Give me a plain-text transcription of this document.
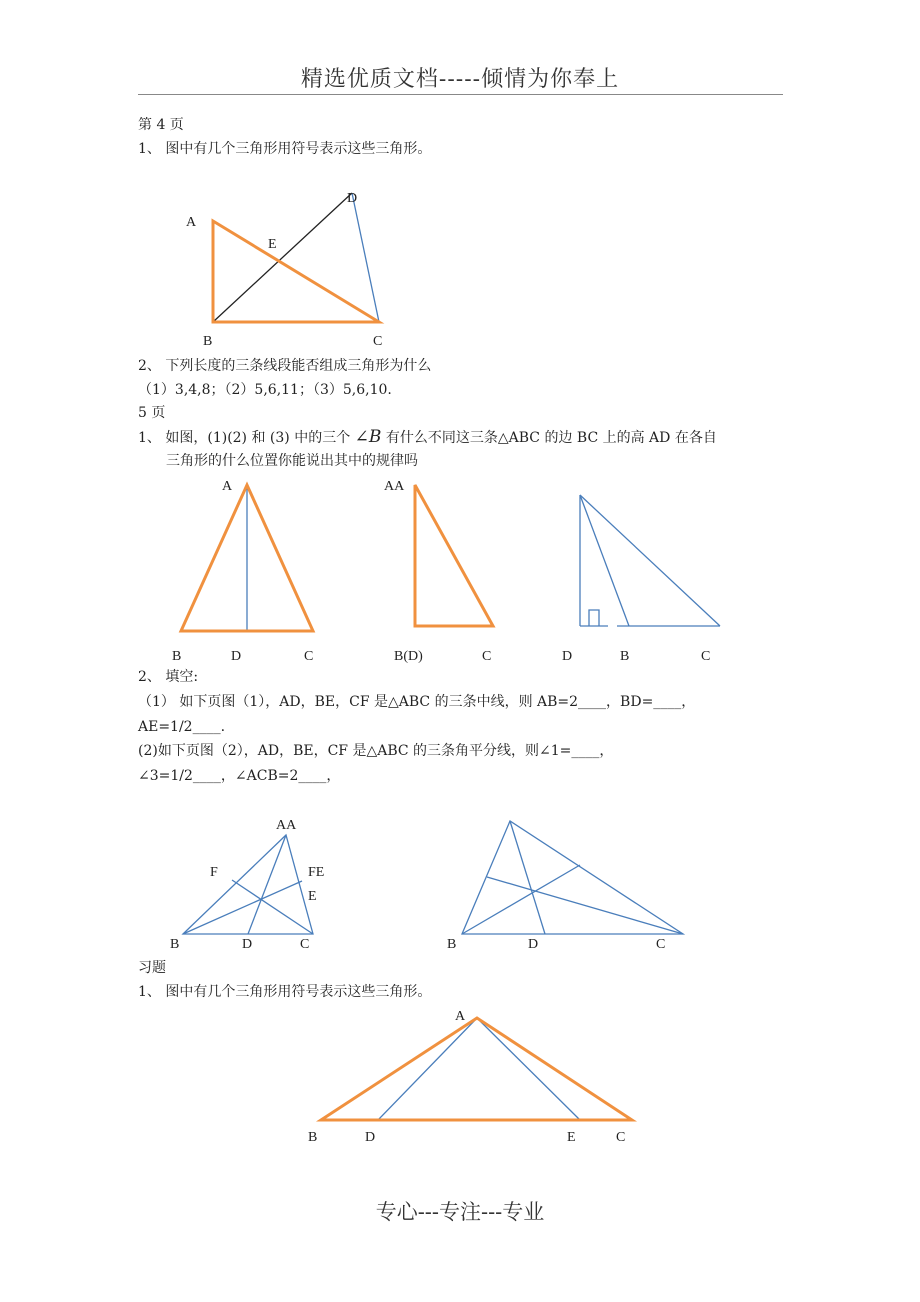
精选优质文档-----倾情为你奉上
第 4 页
1、 图中有几个三角形用符号表示这些三角形。
2、 下列长度的三条线段能否组成三角形为什么
（1）3,4,8；（2）5,6,11；（3）5,6,10.
5 页
1、 如图，(1)(2) 和 (3) 中的三个 ∠B 有什么不同这三条△ABC 的边 BC 上的高 AD 在各自
三角形的什么位置你能说出其中的规律吗
2、 填空:
（1） 如下页图（1），AD，BE，CF 是△ABC 的三条中线，则 AB=2____，BD=____，
AE=1/2____.
(2)如下页图（2），AD，BE，CF 是△ABC 的三条角平分线，则∠1=____，
∠3=1/2____，∠ACB=2____，
习题
1、 图中有几个三角形用符号表示这些三角形。
A
D
E
B	C
A
B	D	C
AA
B(D)	C	D	B	C
AA
F	FE
E
B	D	C	B	D	C
A
B	D	E	C
专心---专注---专业
